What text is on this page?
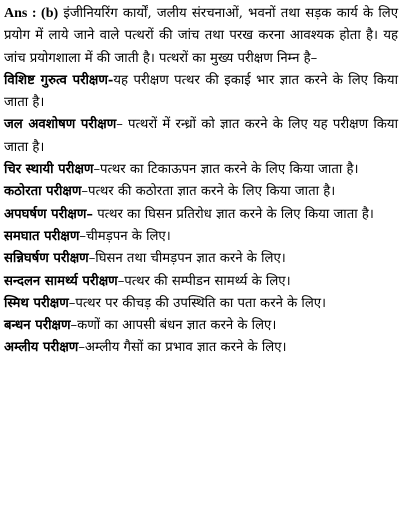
Ans : (b) इंजीनियरिंग कार्यों, जलीय संरचनाओं, भवनों तथा सड़क कार्य के लिए प्रयोग में लाये जाने वाले पत्थरों की जांच तथा परख करना आवश्यक होता है। यह जांच प्रयोगशाला में की जाती है। पत्थरों का मुख्य परीक्षण निम्न है–

विशिष्ट गुरुत्व परीक्षण-यह परीक्षण पत्थर की इकाई भार ज्ञात करने के लिए किया जाता है।

जल अवशोषण परीक्षण– पत्थरों में रन्ध्रों को ज्ञात करने के लिए यह परीक्षण किया जाता है।

चिर स्थायी परीक्षण–पत्थर का टिकाऊपन ज्ञात करने के लिए किया जाता है।

कठोरता परीक्षण–पत्थर की कठोरता ज्ञात करने के लिए किया जाता है।

अपघर्षण परीक्षण– पत्थर का घिसन प्रतिरोध ज्ञात करने के लिए किया जाता है।

समघात परीक्षण–चीमड़पन के लिए।

सन्निघर्षण परीक्षण–घिसन तथा चीमड़पन ज्ञात करने के लिए।

सन्दलन सामर्थ्य परीक्षण–पत्थर की सम्पीडन सामर्थ्य के लिए।

स्मिथ परीक्षण–पत्थर पर कीचड़ की उपस्थिति का पता करने के लिए।

बन्धन परीक्षण–कणों का आपसी बंधन ज्ञात करने के लिए।

अम्लीय परीक्षण–अम्लीय गैसों का प्रभाव ज्ञात करने के लिए।
